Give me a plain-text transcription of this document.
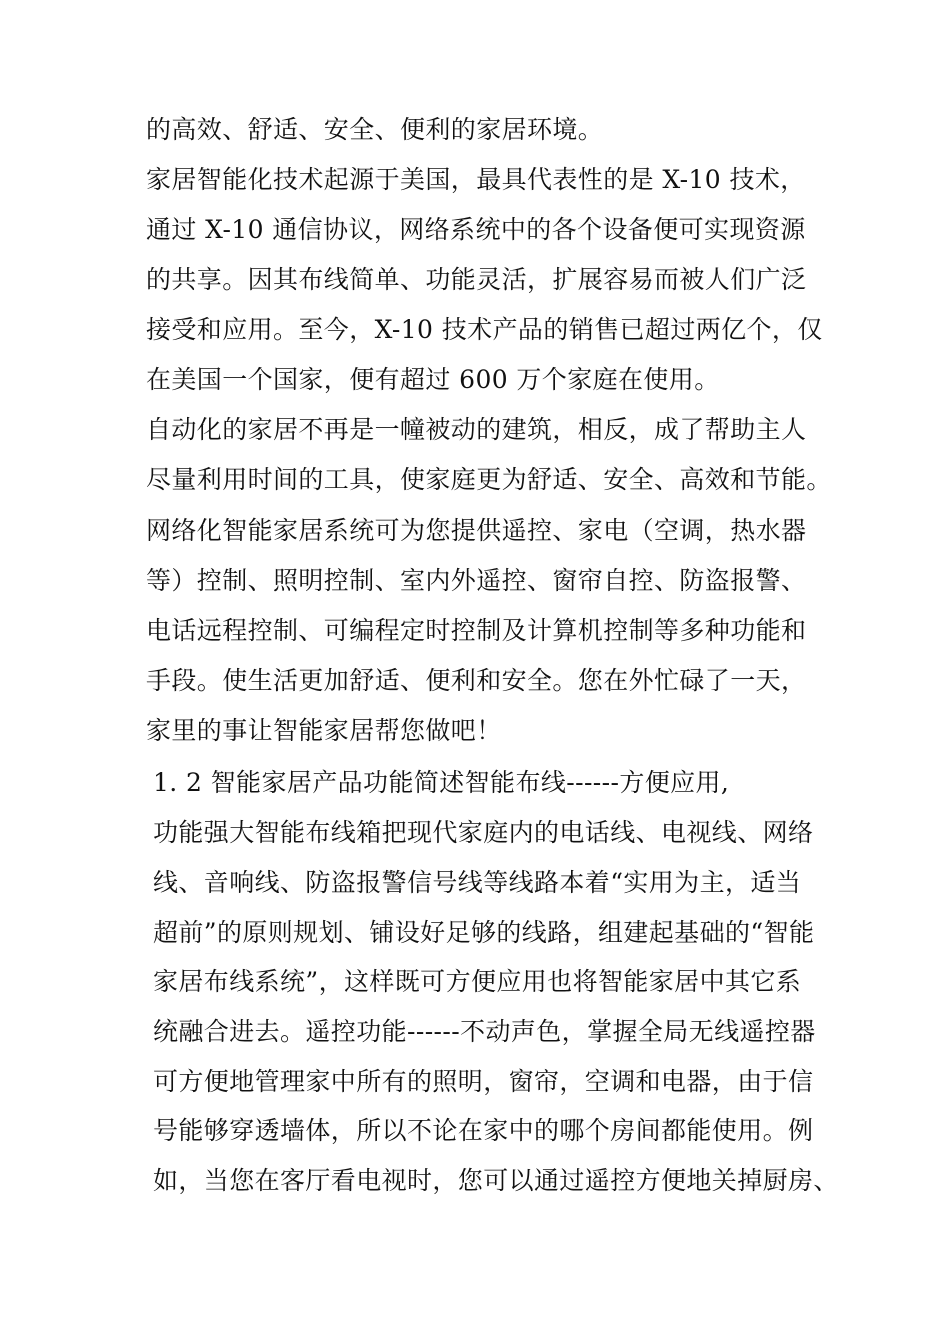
的高效、舒适、安全、便利的家居环境。
家居智能化技术起源于美国，最具代表性的是 X-10 技术，
通过 X-10 通信协议，网络系统中的各个设备便可实现资源
的共享。因其布线简单、功能灵活，扩展容易而被人们广泛
接受和应用。至今，X-10 技术产品的销售已超过两亿个，仅
在美国一个国家，便有超过 600 万个家庭在使用。
自动化的家居不再是一幢被动的建筑，相反，成了帮助主人
尽量利用时间的工具，使家庭更为舒适、安全、高效和节能。
网络化智能家居系统可为您提供遥控、家电（空调，热水器
等）控制、照明控制、室内外遥控、窗帘自控、防盗报警、
电话远程控制、可编程定时控制及计算机控制等多种功能和
手段。使生活更加舒适、便利和安全。您在外忙碌了一天，
家里的事让智能家居帮您做吧！
1. 2 智能家居产品功能简述智能布线------方便应用,
功能强大智能布线箱把现代家庭内的电话线、电视线、网络
线、音响线、防盗报警信号线等线路本着“实用为主，适当
超前”的原则规划、铺设好足够的线路，组建起基础的“智能
家居布线系统”，这样既可方便应用也将智能家居中其它系
统融合进去。遥控功能------不动声色，掌握全局无线遥控器
可方便地管理家中所有的照明，窗帘，空调和电器，由于信
号能够穿透墙体，所以不论在家中的哪个房间都能使用。例
如，当您在客厅看电视时，您可以通过遥控方便地关掉厨房、
